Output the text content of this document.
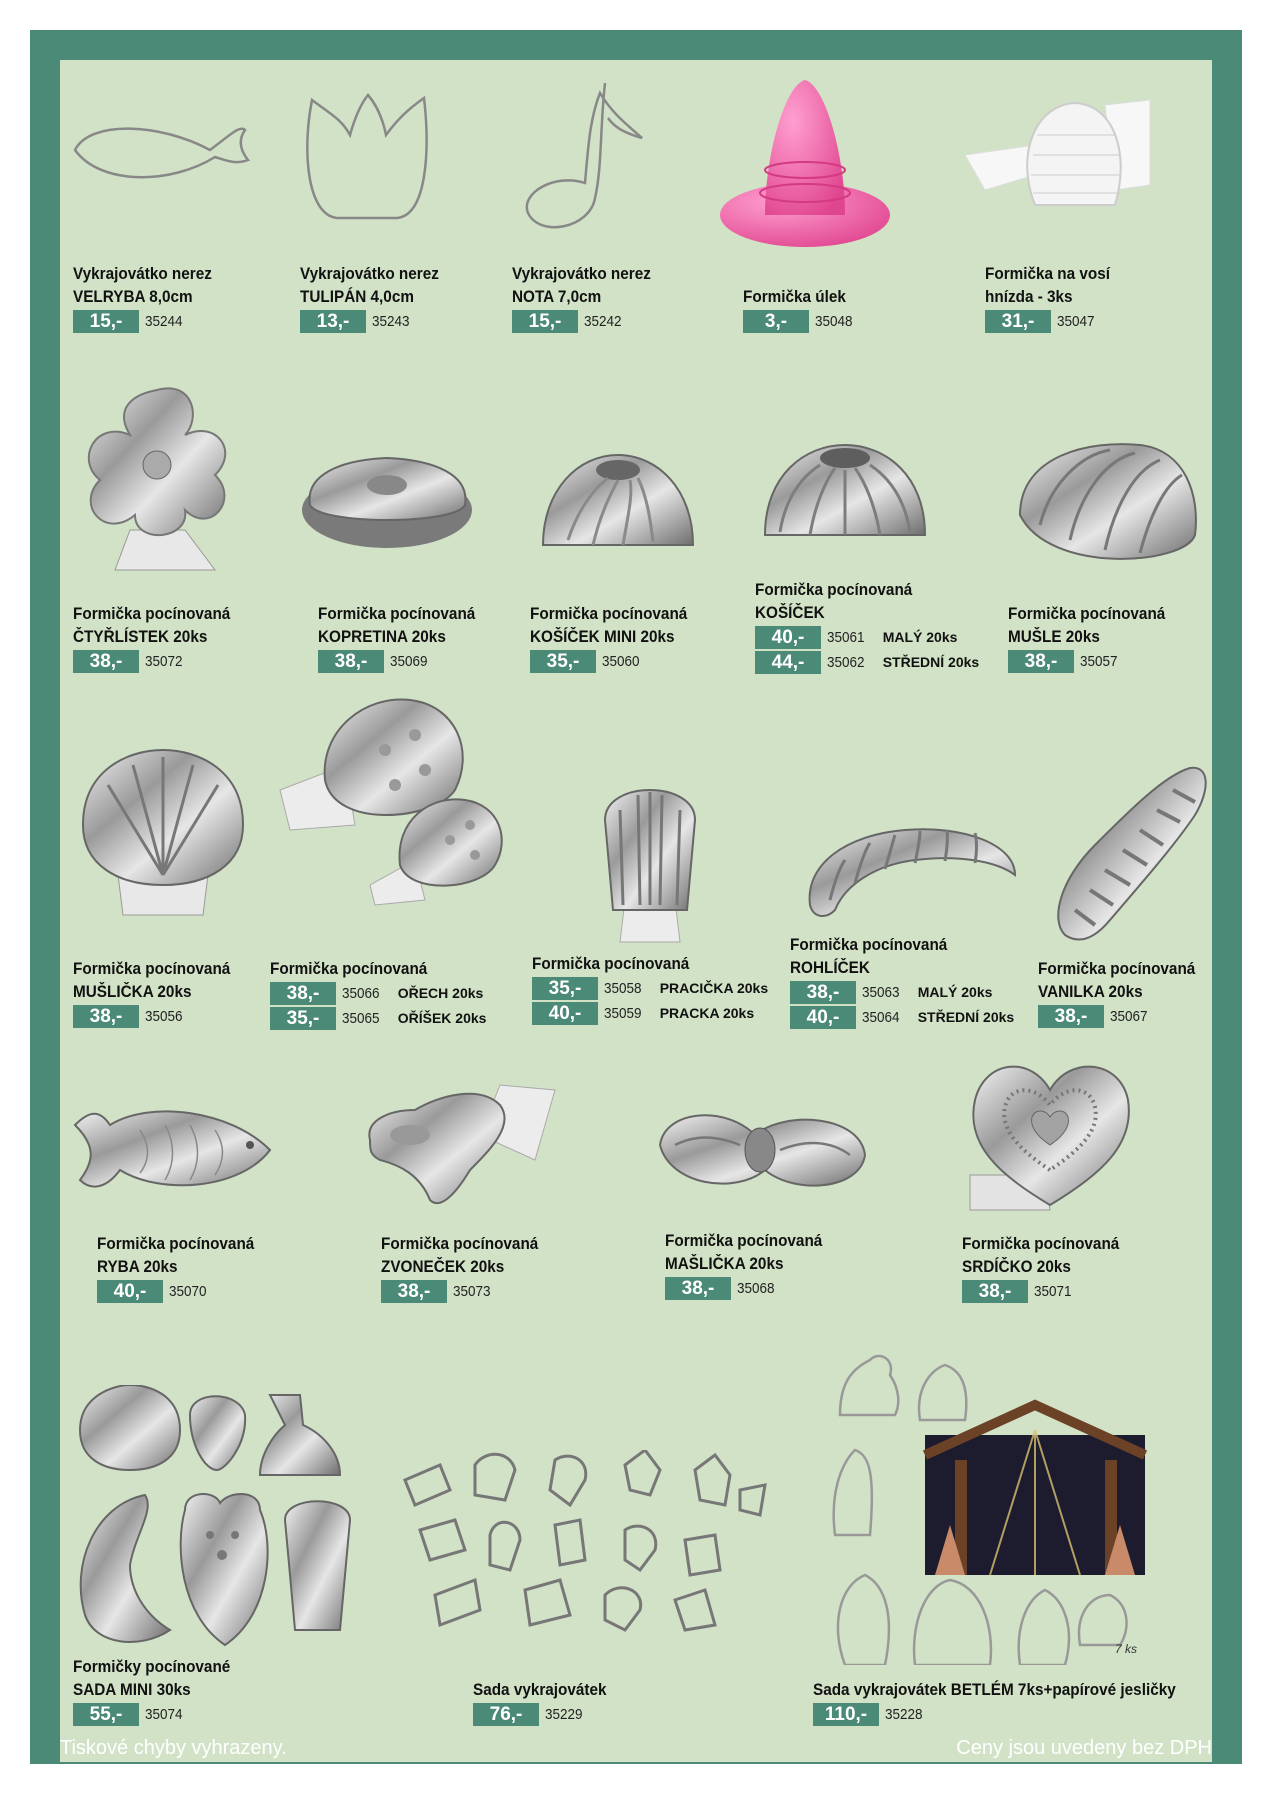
Tiskové chyby vyhrazeny.	Ceny jsou uvedeny bez DPH
Vykrajovátko nerez
VELRYBA 8,0cm
15,-	35244
Vykrajovátko nerez
TULIPÁN 4,0cm
13,-	35243
Vykrajovátko nerez
NOTA 7,0cm
15,-	35242
Formička úlek
3,-	35048
Formička na vosí
hnízda - 3ks
31,-	35047
Formička pocínovaná
ČTYŘLÍSTEK 20ks
38,-	35072
Formička pocínovaná
KOPRETINA 20ks
38,-	35069
Formička pocínovaná
KOŠÍČEK MINI 20ks
35,-	35060
Formička pocínovaná
KOŠÍČEK
40,-	35061 MALÝ 20ks
44,-	35062 STŘEDNÍ 20ks
Formička pocínovaná
MUŠLE 20ks
38,-	35057
Formička pocínovaná
MUŠLIČKA 20ks
38,-	35056
Formička pocínovaná
38,-	35066 OŘECH 20ks
35,-	35065 OŘÍŠEK 20ks
Formička pocínovaná
35,-	35058 PRACIČKA 20ks
40,-	35059 PRACKA 20ks
Formička pocínovaná
ROHLÍČEK
38,-	35063 MALÝ 20ks
40,-	35064 STŘEDNÍ 20ks
Formička pocínovaná
VANILKA 20ks
38,-	35067
Formička pocínovaná
RYBA 20ks
40,-	35070
Formička pocínovaná
ZVONEČEK 20ks
38,-	35073
Formička pocínovaná
MAŠLIČKA 20ks
38,-	35068
Formička pocínovaná
SRDÍČKO 20ks
38,-	35071
Formičky pocínované
SADA MINI 30ks
55,-	35074
Sada vykrajovátek
76,-	35229
Sada vykrajovátek BETLÉM 7ks+papírové jesličky
110,-	35228
7 ks
